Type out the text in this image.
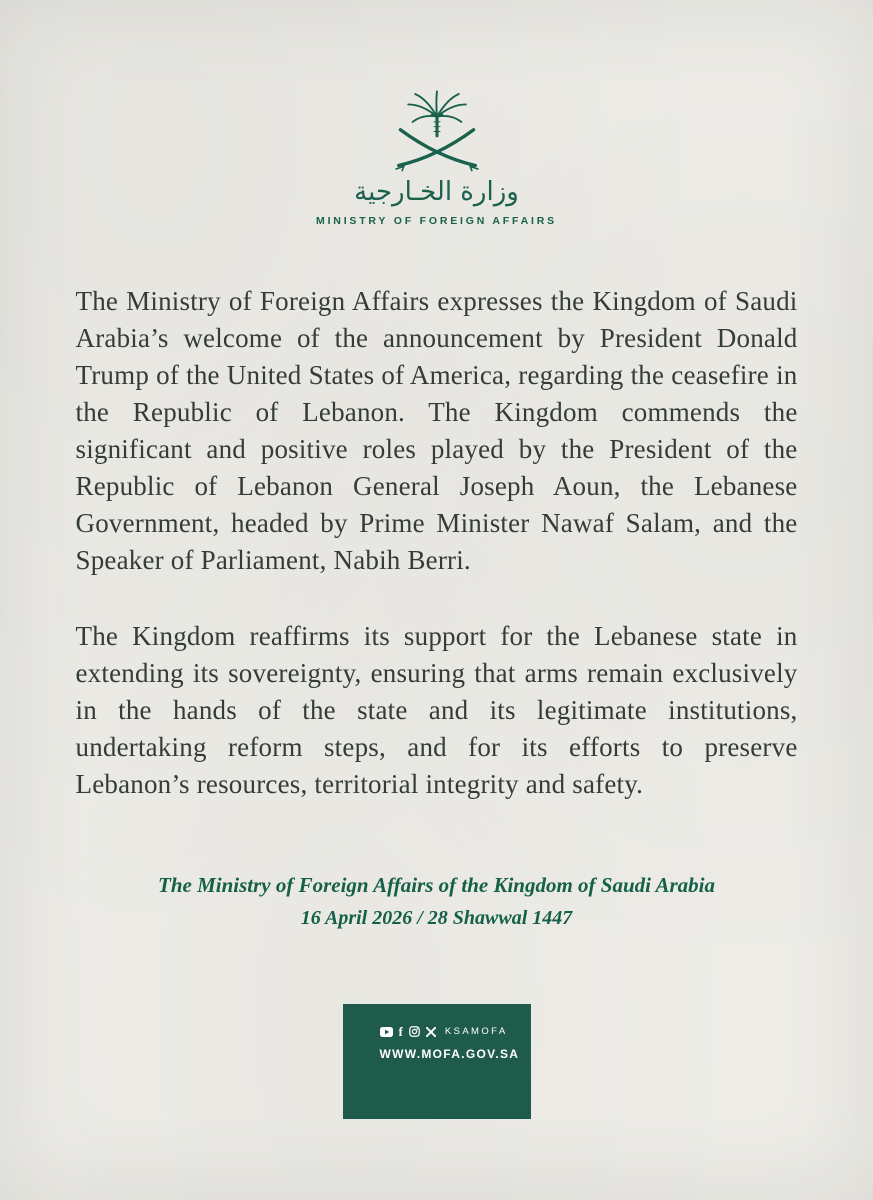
وزارة الخـارجية
MINISTRY OF FOREIGN AFFAIRS

The Ministry of Foreign Affairs expresses the Kingdom of Saudi Arabia’s welcome of the announcement by President Donald Trump of the United States of America, regarding the ceasefire in the Republic of Lebanon. The Kingdom commends the significant and positive roles played by the President of the Republic of Lebanon General Joseph Aoun, the Lebanese Government, headed by Prime Minister Nawaf Salam, and the Speaker of Parliament, Nabih Berri.

The Kingdom reaffirms its support for the Lebanese state in extending its sovereignty, ensuring that arms remain exclusively in the hands of the state and its legitimate institutions, undertaking reform steps, and for its efforts to preserve Lebanon’s resources, territorial integrity and safety.

The Ministry of Foreign Affairs of the Kingdom of Saudi Arabia
16 April 2026 / 28 Shawwal 1447
f	KSAMOFA
WWW.MOFA.GOV.SA
